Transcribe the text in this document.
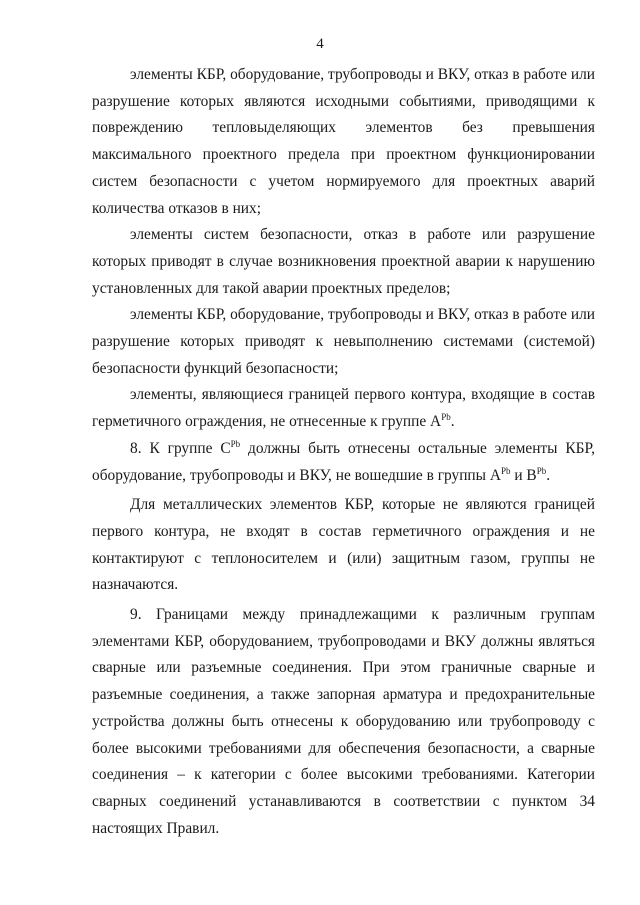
4

элементы КБР, оборудование, трубопроводы и ВКУ, отказ в работе или разрушение которых являются исходными событиями, приводящими к повреждению тепловыделяющих элементов без превышения максимального проектного предела при проектном функционировании систем безопасности с учетом нормируемого для проектных аварий количества отказов в них;

элементы систем безопасности, отказ в работе или разрушение которых приводят в случае возникновения проектной аварии к нарушению установленных для такой аварии проектных пределов;

элементы КБР, оборудование, трубопроводы и ВКУ, отказ в работе или разрушение которых приводят к невыполнению системами (системой) безопасности функций безопасности;

элементы, являющиеся границей первого контура, входящие в состав герметичного ограждения, не отнесенные к группе $А^{Pb}$.

8. К группе $С^{Pb}$ должны быть отнесены остальные элементы КБР, оборудование, трубопроводы и ВКУ, не вошедшие в группы $А^{Pb}$ и $В^{Pb}$.

Для металлических элементов КБР, которые не являются границей первого контура, не входят в состав герметичного ограждения и не контактируют с теплоносителем и (или) защитным газом, группы не назначаются.

9. Границами между принадлежащими к различным группам элементами КБР, оборудованием, трубопроводами и ВКУ должны являться сварные или разъемные соединения. При этом граничные сварные и разъемные соединения, а также запорная арматура и предохранительные устройства должны быть отнесены к оборудованию или трубопроводу с более высокими требованиями для обеспечения безопасности, а сварные соединения – к категории с более высокими требованиями. Категории сварных соединений устанавливаются в соответствии с пунктом 34 настоящих Правил.
